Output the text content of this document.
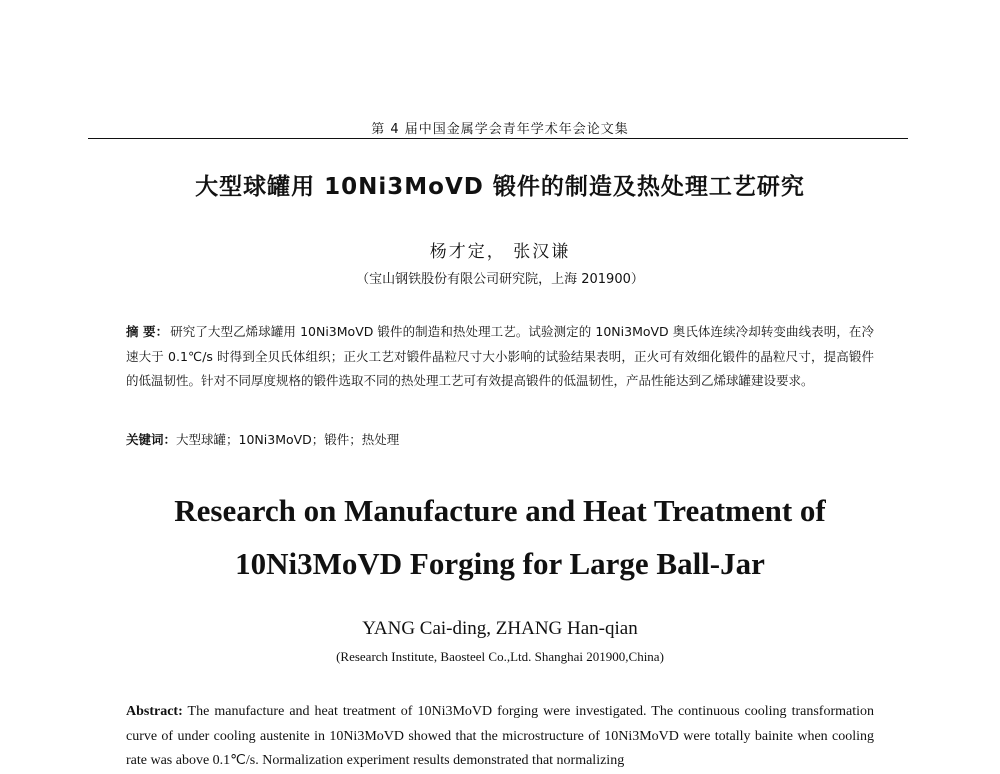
第 4 届中国金属学会青年学术年会论文集
大型球罐用 10Ni3MoVD 锻件的制造及热处理工艺研究
杨才定， 张汉谦
（宝山钢铁股份有限公司研究院，上海 201900）
摘 要： 研究了大型乙烯球罐用 10Ni3MoVD 锻件的制造和热处理工艺。试验测定的 10Ni3MoVD 奥氏体连续冷却转变曲线表明，在冷速大于 0.1℃/s 时得到全贝氏体组织；正火工艺对锻件晶粒尺寸大小影响的试验结果表明，正火可有效细化锻件的晶粒尺寸，提高锻件的低温韧性。针对不同厚度规格的锻件选取不同的热处理工艺可有效提高锻件的低温韧性，产品性能达到乙烯球罐建设要求。
关键词：大型球罐；10Ni3MoVD；锻件；热处理
Research on Manufacture and Heat Treatment of
10Ni3MoVD Forging for Large Ball-Jar
YANG Cai-ding, ZHANG Han-qian
(Research Institute, Baosteel Co.,Ltd. Shanghai 201900,China)
Abstract: The manufacture and heat treatment of 10Ni3MoVD forging were investigated. The continuous cooling transformation curve of under cooling austenite in 10Ni3MoVD showed that the microstructure of 10Ni3MoVD were totally bainite when cooling rate was above 0.1℃/s. Normalization experiment results demonstrated that normalizing
